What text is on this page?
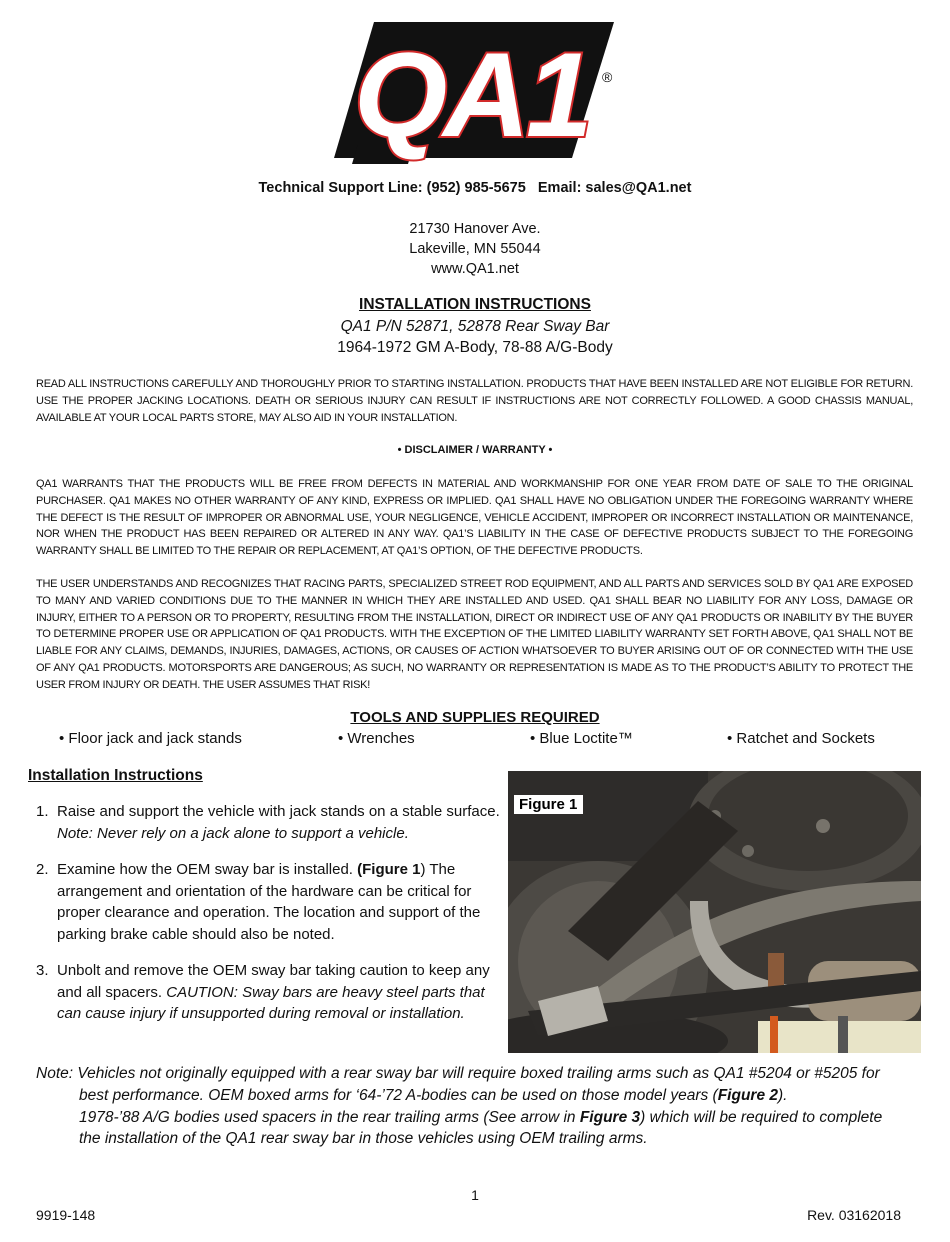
QA1 ®
Technical Support Line: (952) 985-5675 Email: sales@QA1.net
21730 Hanover Ave.
Lakeville, MN 55044
www.QA1.net
INSTALLATION INSTRUCTIONS
QA1 P/N 52871, 52878 Rear Sway Bar
1964-1972 GM A-Body, 78-88 A/G-Body
READ ALL INSTRUCTIONS CAREFULLY AND THOROUGHLY PRIOR TO STARTING INSTALLATION. PRODUCTS THAT HAVE BEEN INSTALLED ARE NOT ELIGIBLE FOR RETURN. USE THE PROPER JACKING LOCATIONS. DEATH OR SERIOUS INJURY CAN RESULT IF INSTRUCTIONS ARE NOT CORRECTLY FOLLOWED. A GOOD CHASSIS MANUAL, AVAILABLE AT YOUR LOCAL PARTS STORE, MAY ALSO AID IN YOUR INSTALLATION.
• DISCLAIMER / WARRANTY •
QA1 WARRANTS THAT THE PRODUCTS WILL BE FREE FROM DEFECTS IN MATERIAL AND WORKMANSHIP FOR ONE YEAR FROM DATE OF SALE TO THE ORIGINAL PURCHASER. QA1 MAKES NO OTHER WARRANTY OF ANY KIND, EXPRESS OR IMPLIED. QA1 SHALL HAVE NO OBLIGATION UNDER THE FOREGOING WARRANTY WHERE THE DEFECT IS THE RESULT OF IMPROPER OR ABNORMAL USE, YOUR NEGLIGENCE, VEHICLE ACCIDENT, IMPROPER OR INCORRECT INSTALLATION OR MAINTENANCE, NOR WHEN THE PRODUCT HAS BEEN REPAIRED OR ALTERED IN ANY WAY. QA1’S LIABILITY IN THE CASE OF DEFECTIVE PRODUCTS SUBJECT TO THE FOREGOING WARRANTY SHALL BE LIMITED TO THE REPAIR OR REPLACEMENT, AT QA1’S OPTION, OF THE DEFECTIVE PRODUCTS.
THE USER UNDERSTANDS AND RECOGNIZES THAT RACING PARTS, SPECIALIZED STREET ROD EQUIPMENT, AND ALL PARTS AND SERVICES SOLD BY QA1 ARE EXPOSED TO MANY AND VARIED CONDITIONS DUE TO THE MANNER IN WHICH THEY ARE INSTALLED AND USED. QA1 SHALL BEAR NO LIABILITY FOR ANY LOSS, DAMAGE OR INJURY, EITHER TO A PERSON OR TO PROPERTY, RESULTING FROM THE INSTALLATION, DIRECT OR INDIRECT USE OF ANY QA1 PRODUCTS OR INABILITY BY THE BUYER TO DETERMINE PROPER USE OR APPLICATION OF QA1 PRODUCTS. WITH THE EXCEPTION OF THE LIMITED LIABILITY WARRANTY SET FORTH ABOVE, QA1 SHALL NOT BE LIABLE FOR ANY CLAIMS, DEMANDS, INJURIES, DAMAGES, ACTIONS, OR CAUSES OF ACTION WHATSOEVER TO BUYER ARISING OUT OF OR CONNECTED WITH THE USE OF ANY QA1 PRODUCTS. MOTORSPORTS ARE DANGEROUS; AS SUCH, NO WARRANTY OR REPRESENTATION IS MADE AS TO THE PRODUCT’S ABILITY TO PROTECT THE USER FROM INJURY OR DEATH. THE USER ASSUMES THAT RISK!
TOOLS AND SUPPLIES REQUIRED
• Floor jack and jack stands	• Wrenches	• Blue Loctite™	• Ratchet and Sockets
Installation Instructions
1. Raise and support the vehicle with jack stands on a stable surface. Note: Never rely on a jack alone to support a vehicle.
2. Examine how the OEM sway bar is installed. (Figure 1) The arrangement and orientation of the hardware can be critical for proper clearance and operation. The location and support of the parking brake cable should also be noted.
3. Unbolt and remove the OEM sway bar taking caution to keep any and all spacers. CAUTION: Sway bars are heavy steel parts that can cause injury if unsupported during removal or installation.
Figure 1
Note: Vehicles not originally equipped with a rear sway bar will require boxed trailing arms such as QA1 #5204 or #5205 for
best performance. OEM boxed arms for ‘64-’72 A-bodies can be used on those model years (Figure 2).
1978-’88 A/G bodies used spacers in the rear trailing arms (See arrow in Figure 3) which will be required to complete
the installation of the QA1 rear sway bar in those vehicles using OEM trailing arms.
1
9919-148	Rev. 03162018
